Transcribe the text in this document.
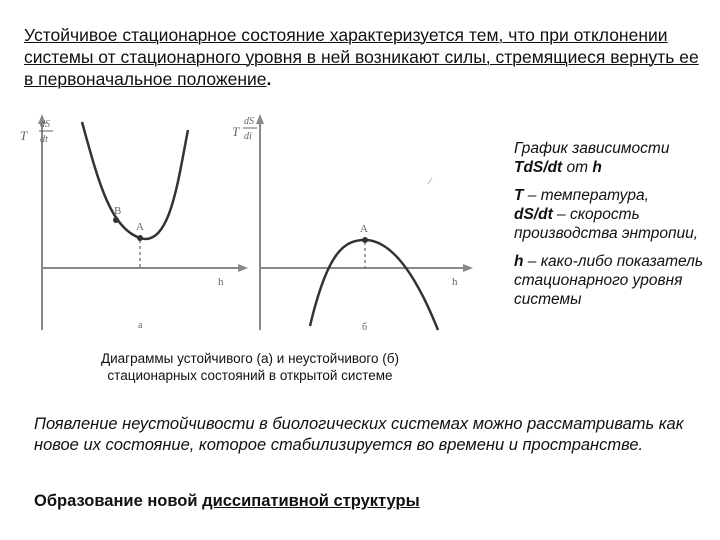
Устойчивое стационарное состояние характеризуется тем, что при отклонении системы от стационарного уровня в ней возникают силы, стремящиеся вернуть ее в первоначальное положение.
T
dS
dt
A
B
h
a
T
dS
di
A
h
б
Диаграммы устойчивого (а) и неустойчивого (б)
стационарных состояний в открытой системе

График зависимости
TdS/dt от h

T – температура,
dS/dt – скорость производства энтропии,

h – како-либо показатель стационарного уровня системы

Появление неустойчивости в биологических системах можно рассматривать как новое их состояние, которое стабилизируется во времени и пространстве.
Образование новой диссипативной структуры
